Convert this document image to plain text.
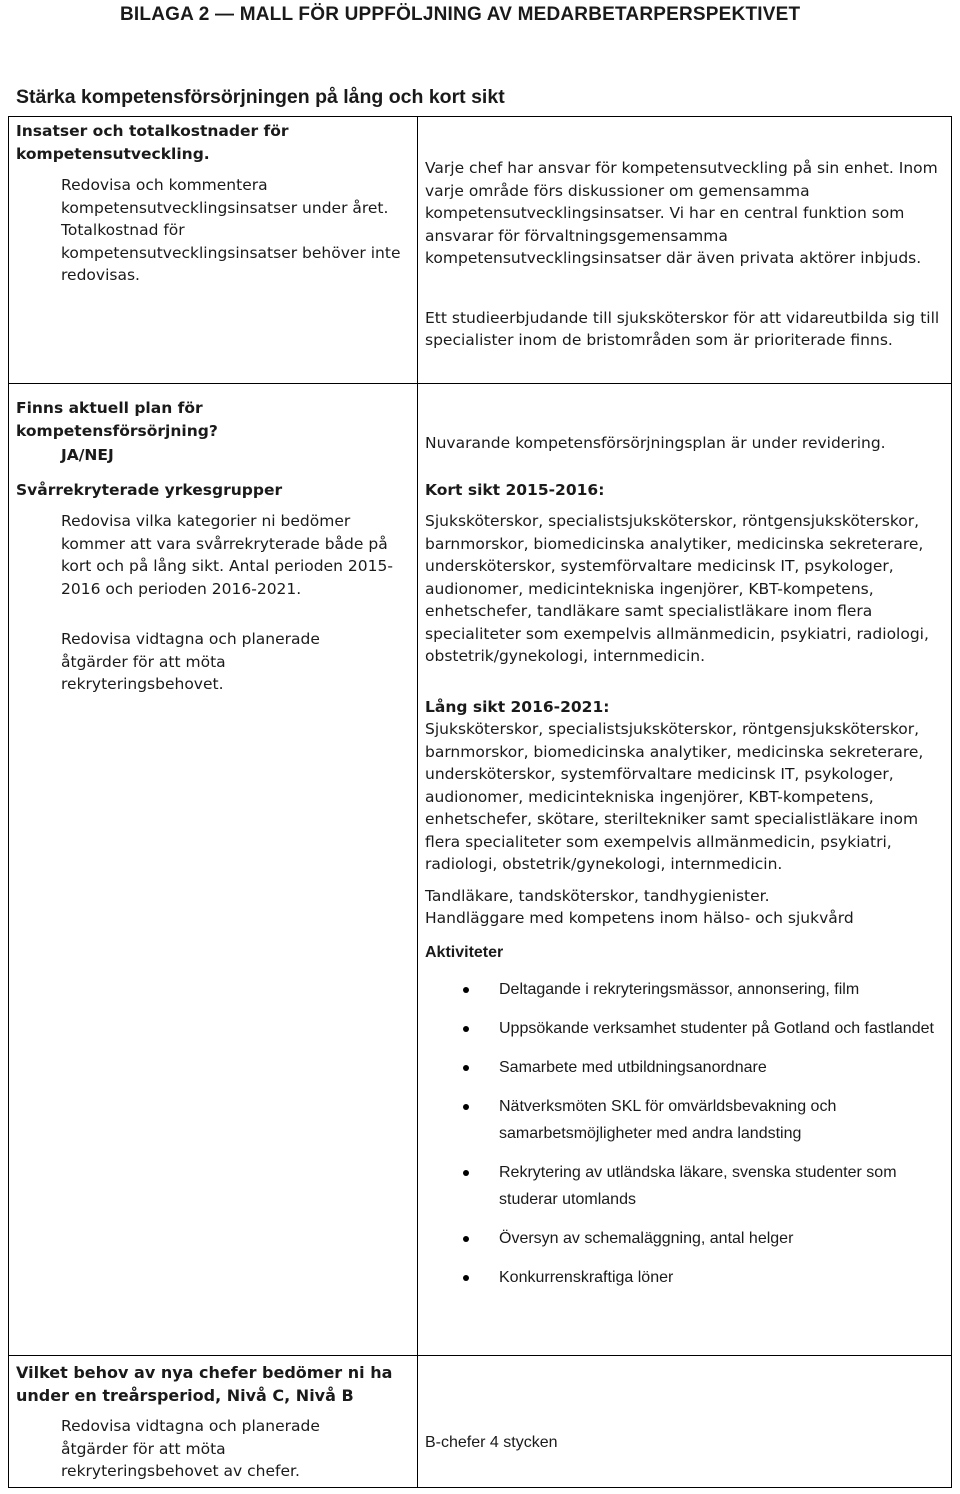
BILAGA 2 — MALL FÖR UPPFÖLJNING AV MEDARBETARPERSPEKTIVET
Stärka kompetensförsörjningen på lång och kort sikt

Insatser och totalkostnader för

kompetensutveckling.

Redovisa och kommentera kompetensutvecklingsinsatser under året. Totalkostnad för kompetensutvecklingsinsatser behöver inte redovisas.

Varje chef har ansvar för kompetensutveckling på sin enhet. Inom varje område förs diskussioner om gemensamma kompetensutvecklingsinsatser. Vi har en central funktion som ansvarar för förvaltningsgemensamma kompetensutvecklingsinsatser där även privata aktörer inbjuds.

Ett studieerbjudande till sjuksköterskor för att vidareutbilda sig till specialister inom de bristområden som är prioriterade finns.

Finns aktuell plan för kompetensförsörjning?

JA/NEJ

Svårrekryterade yrkesgrupper

Redovisa vilka kategorier ni bedömer kommer att vara svårrekryterade både på kort och på lång sikt. Antal perioden 2015-2016 och perioden 2016-2021.

Redovisa vidtagna och planerade åtgärder för att möta rekryteringsbehovet.

Nuvarande kompetensförsörjningsplan är under revidering.

Kort sikt 2015-2016:

Sjuksköterskor, specialistsjuksköterskor, röntgensjuksköterskor, barnmorskor, biomedicinska analytiker, medicinska sekreterare, undersköterskor, systemförvaltare medicinsk IT, psykologer, audionomer, medicintekniska ingenjörer, KBT-kompetens, enhetschefer, tandläkare samt specialistläkare inom flera specialiteter som exempelvis allmänmedicin, psykiatri, radiologi, obstetrik/gynekologi, internmedicin.

Lång sikt 2016-2021:

Sjuksköterskor, specialistsjuksköterskor, röntgensjuksköterskor, barnmorskor, biomedicinska analytiker, medicinska sekreterare, undersköterskor, systemförvaltare medicinsk IT, psykologer, audionomer, medicintekniska ingenjörer, KBT-kompetens, enhetschefer, skötare, steriltekniker samt specialistläkare inom flera specialiteter som exempelvis allmänmedicin, psykiatri, radiologi, obstetrik/gynekologi, internmedicin.

Tandläkare, tandsköterskor, tandhygienister.

Handläggare med kompetens inom hälso- och sjukvård

Aktiviteter

Deltagande i rekryteringsmässor, annonsering, film
Uppsökande verksamhet studenter på Gotland och fastlandet
Samarbete med utbildningsanordnare
Nätverksmöten SKL för omvärldsbevakning och samarbetsmöjligheter med andra landsting
Rekrytering av utländska läkare, svenska studenter som studerar utomlands
Översyn av schemaläggning, antal helger
Konkurrenskraftiga löner

Vilket behov av nya chefer bedömer ni ha under en treårsperiod, Nivå C, Nivå B

Redovisa vidtagna och planerade åtgärder för att möta rekryteringsbehovet av chefer.

B-chefer 4 stycken
